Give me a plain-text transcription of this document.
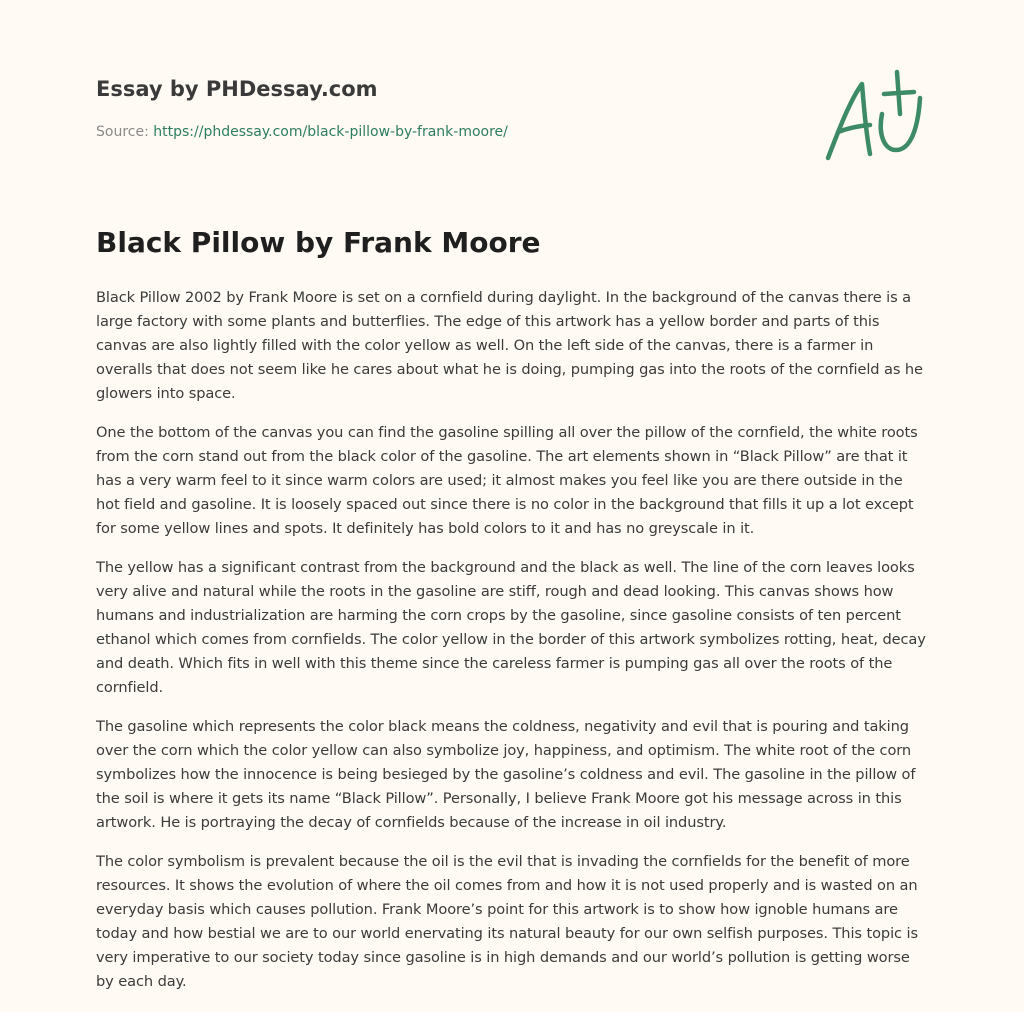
Essay by PHDessay.com
Source: https://phdessay.com/black-pillow-by-frank-moore/
Black Pillow by Frank Moore

Black Pillow 2002 by Frank Moore is set on a cornfield during daylight. In the background of the canvas there is a large factory with some plants and butterflies. The edge of this artwork has a yellow border and parts of this canvas are also lightly filled with the color yellow as well. On the left side of the canvas, there is a farmer in overalls that does not seem like he cares about what he is doing, pumping gas into the roots of the cornfield as he glowers into space.

One the bottom of the canvas you can find the gasoline spilling all over the pillow of the cornfield, the white roots from the corn stand out from the black color of the gasoline. The art elements shown in “Black Pillow” are that it has a very warm feel to it since warm colors are used; it almost makes you feel like you are there outside in the hot field and gasoline. It is loosely spaced out since there is no color in the background that fills it up a lot except for some yellow lines and spots. It definitely has bold colors to it and has no greyscale in it.

The yellow has a significant contrast from the background and the black as well. The line of the corn leaves looks very alive and natural while the roots in the gasoline are stiff, rough and dead looking. This canvas shows how humans and industrialization are harming the corn crops by the gasoline, since gasoline consists of ten percent ethanol which comes from cornfields. The color yellow in the border of this artwork symbolizes rotting, heat, decay and death. Which fits in well with this theme since the careless farmer is pumping gas all over the roots of the cornfield.

The gasoline which represents the color black means the coldness, negativity and evil that is pouring and taking over the corn which the color yellow can also symbolize joy, happiness, and optimism. The white root of the corn symbolizes how the innocence is being besieged by the gasoline’s coldness and evil. The gasoline in the pillow of the soil is where it gets its name “Black Pillow”. Personally, I believe Frank Moore got his message across in this artwork. He is portraying the decay of cornfields because of the increase in oil industry.

The color symbolism is prevalent because the oil is the evil that is invading the cornfields for the benefit of more resources. It shows the evolution of where the oil comes from and how it is not used properly and is wasted on an everyday basis which causes pollution. Frank Moore’s point for this artwork is to show how ignoble humans are today and how bestial we are to our world enervating its natural beauty for our own selfish purposes. This topic is very imperative to our society today since gasoline is in high demands and our world’s pollution is getting worse by each day.
